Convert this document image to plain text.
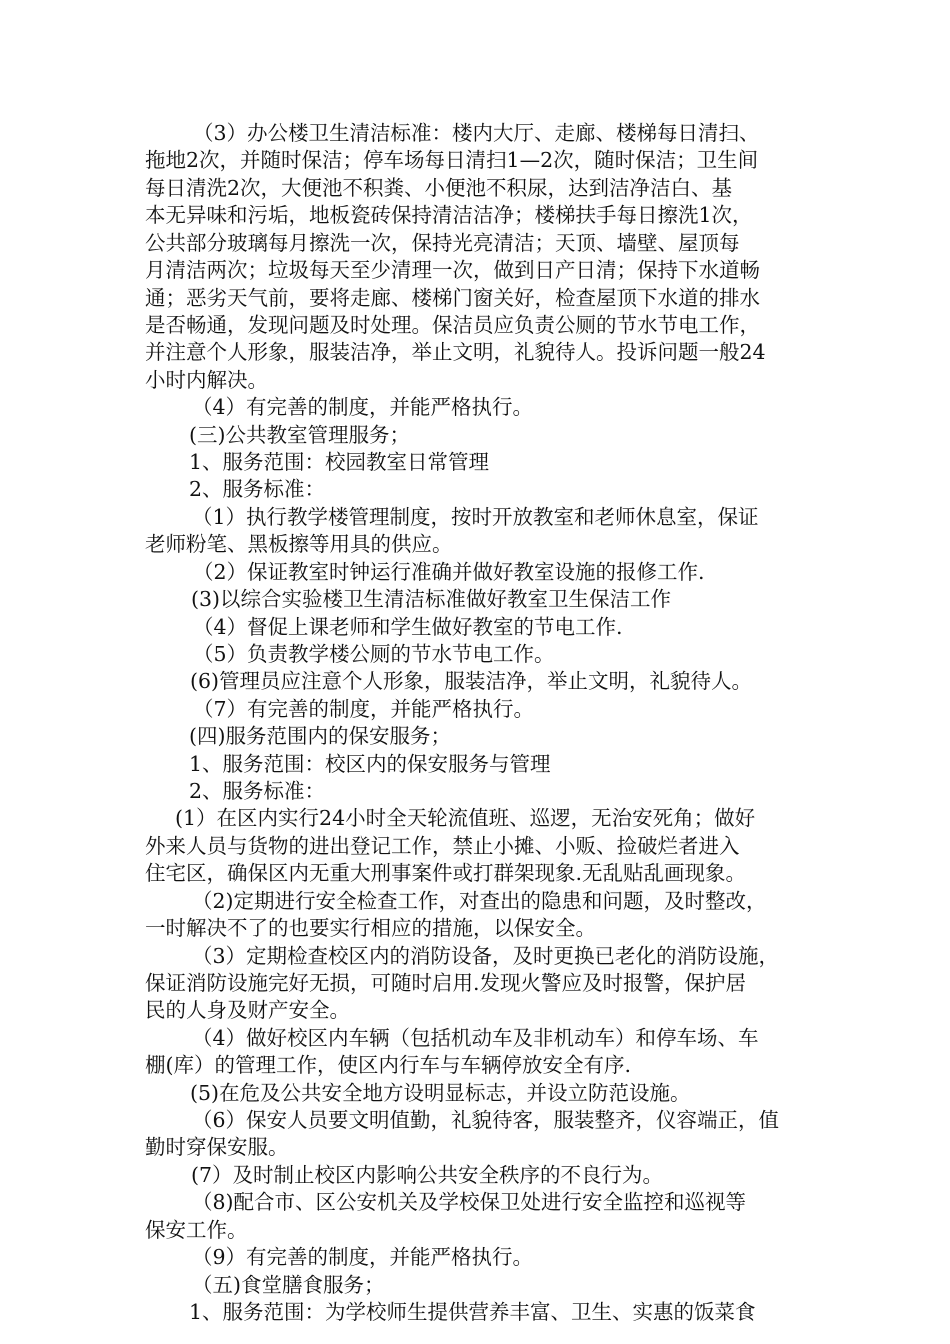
（3）办公楼卫生清洁标准：楼内大厅、走廊、楼梯每日清扫、
拖地2次，并随时保洁；停车场每日清扫1—2次，随时保洁；卫生间
每日清洗2次，大便池不积粪、小便池不积尿，达到洁净洁白、基
本无异味和污垢，地板瓷砖保持清洁洁净；楼梯扶手每日擦洗1次，
公共部分玻璃每月擦洗一次，保持光亮清洁；天顶、墙壁、屋顶每
月清洁两次；垃圾每天至少清理一次，做到日产日清；保持下水道畅
通；恶劣天气前，要将走廊、楼梯门窗关好，检查屋顶下水道的排水
是否畅通，发现问题及时处理。保洁员应负责公厕的节水节电工作，
并注意个人形象，服装洁净，举止文明，礼貌待人。投诉问题一般24
小时内解决。
（4）有完善的制度，并能严格执行。
(三)公共教室管理服务；
1、服务范围：校园教室日常管理
2、服务标准：
（1）执行教学楼管理制度，按时开放教室和老师休息室，保证
老师粉笔、黑板擦等用具的供应。
（2）保证教室时钟运行准确并做好教室设施的报修工作.
(3)以综合实验楼卫生清洁标准做好教室卫生保洁工作
（4）督促上课老师和学生做好教室的节电工作.
（5）负责教学楼公厕的节水节电工作。
(6)管理员应注意个人形象，服装洁净，举止文明，礼貌待人。
（7）有完善的制度，并能严格执行。
(四)服务范围内的保安服务；
1、服务范围：校区内的保安服务与管理
2、服务标准：
(1）在区内实行24小时全天轮流值班、巡逻，无治安死角；做好
外来人员与货物的进出登记工作，禁止小摊、小贩、捡破烂者进入
住宅区，确保区内无重大刑事案件或打群架现象.无乱贴乱画现象。
（2)定期进行安全检查工作，对查出的隐患和问题，及时整改，
一时解决不了的也要实行相应的措施，以保安全。
（3）定期检查校区内的消防设备，及时更换已老化的消防设施，
保证消防设施完好无损，可随时启用.发现火警应及时报警，保护居
民的人身及财产安全。
（4）做好校区内车辆（包括机动车及非机动车）和停车场、车
棚(库）的管理工作，使区内行车与车辆停放安全有序.
(5)在危及公共安全地方设明显标志，并设立防范设施。
（6）保安人员要文明值勤，礼貌待客，服装整齐，仪容端正，值
勤时穿保安服。
(7）及时制止校区内影响公共安全秩序的不良行为。
（8)配合市、区公安机关及学校保卫处进行安全监控和巡视等
保安工作。
（9）有完善的制度，并能严格执行。
（五)食堂膳食服务；
1、服务范围：为学校师生提供营养丰富、卫生、实惠的饭菜食
